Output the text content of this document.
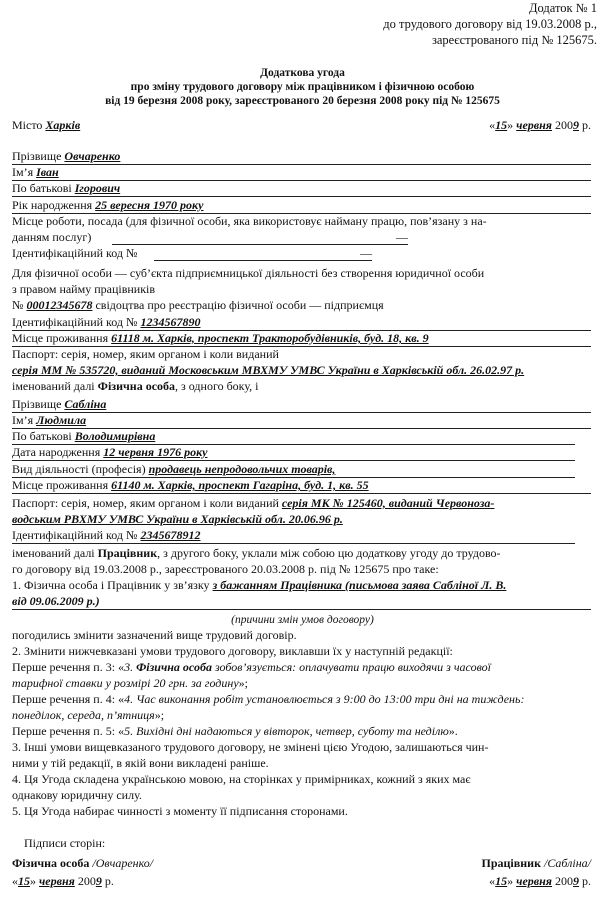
Додаток № 1
до трудового договору від 19.03.2008 р.,
зареєстрованого під № 125675.
Додаткова угода
про зміну трудового договору між працівником і фізичною особою
від 19 березня 2008 року, зареєстрованого 20 березня 2008 року під № 125675
Місто Харків	«15» червня 2009 р.
Прізвище Овчаренко
Ім’я Іван
По батькові Ігорович
Рік народження 25 вересня 1970 року
Місце роботи, посада (для фізичної особи, яка використовує найману працю, пов’язану з на-
данням послуг)	—
Ідентифікаційний код №	—
Для фізичної особи — суб’єкта підприємницької діяльності без створення юридичної особи
з правом найму працівників
№ 00012345678 свідоцтва про реєстрацію фізичної особи — підприємця
Ідентифікаційний код № 1234567890
Місце проживання 61118 м. Харків, проспект Тракторобудівників, буд. 18, кв. 9
Паспорт: серія, номер, яким органом і коли виданий
серія ММ № 535720, виданий Московським МВХМУ УМВС України в Харківській обл. 26.02.97 р.
іменований далі Фізична особа, з одного боку, і
Прізвище Сабліна
Ім’я Людмила
По батькові Володимирівна
Дата народження 12 червня 1976 року
Вид діяльності (професія) продавець непродовольчих товарів,
Місце проживання 61140 м. Харків, проспект Гагаріна, буд. 1, кв. 55
Паспорт: серія, номер, яким органом і коли виданий серія МК № 125460, виданий Червоноза-
водським РВХМУ УМВС України в Харківській обл. 20.06.96 р.
Ідентифікаційний код № 2345678912
іменований далі Працівник, з другого боку, уклали між собою цю додаткову угоду до трудово-
го договору від 19.03.2008 р., зареєстрованого 20.03.2008 р. під № 125675 про таке:
1. Фізична особа і Працівник у зв’язку з бажанням Працівника (письмова заява Сабліної Л. В.
від 09.06.2009 р.)
(причини змін умов договору)
погодились змінити зазначений вище трудовий договір.
2. Змінити нижчевказані умови трудового договору, виклавши їх у наступній редакції:
Перше речення п. 3: «3. Фізична особа зобов’язується: оплачувати працю виходячи з часової
тарифної ставки у розмірі 20 грн. за годину»;
Перше речення п. 4: «4. Час виконання робіт установлюється з 9:00 до 13:00 три дні на тиждень:
понеділок, середа, п’ятниця»;
Перше речення п. 5: «5. Вихідні дні надаються у вівторок, четвер, суботу та неділю».
3. Інші умови вищевказаного трудового договору, не змінені цією Угодою, залишаються чин-
ними у тій редакції, в якій вони викладені раніше.
4. Ця Угода складена українською мовою, на сторінках у примірниках, кожний з яких має
однакову юридичну силу.
5. Ця Угода набирає чинності з моменту її підписання сторонами.
Підписи сторін:
Фізична особа /Овчаренко/	Працівник /Сабліна/
«15» червня 2009 р.	«15» червня 2009 р.
